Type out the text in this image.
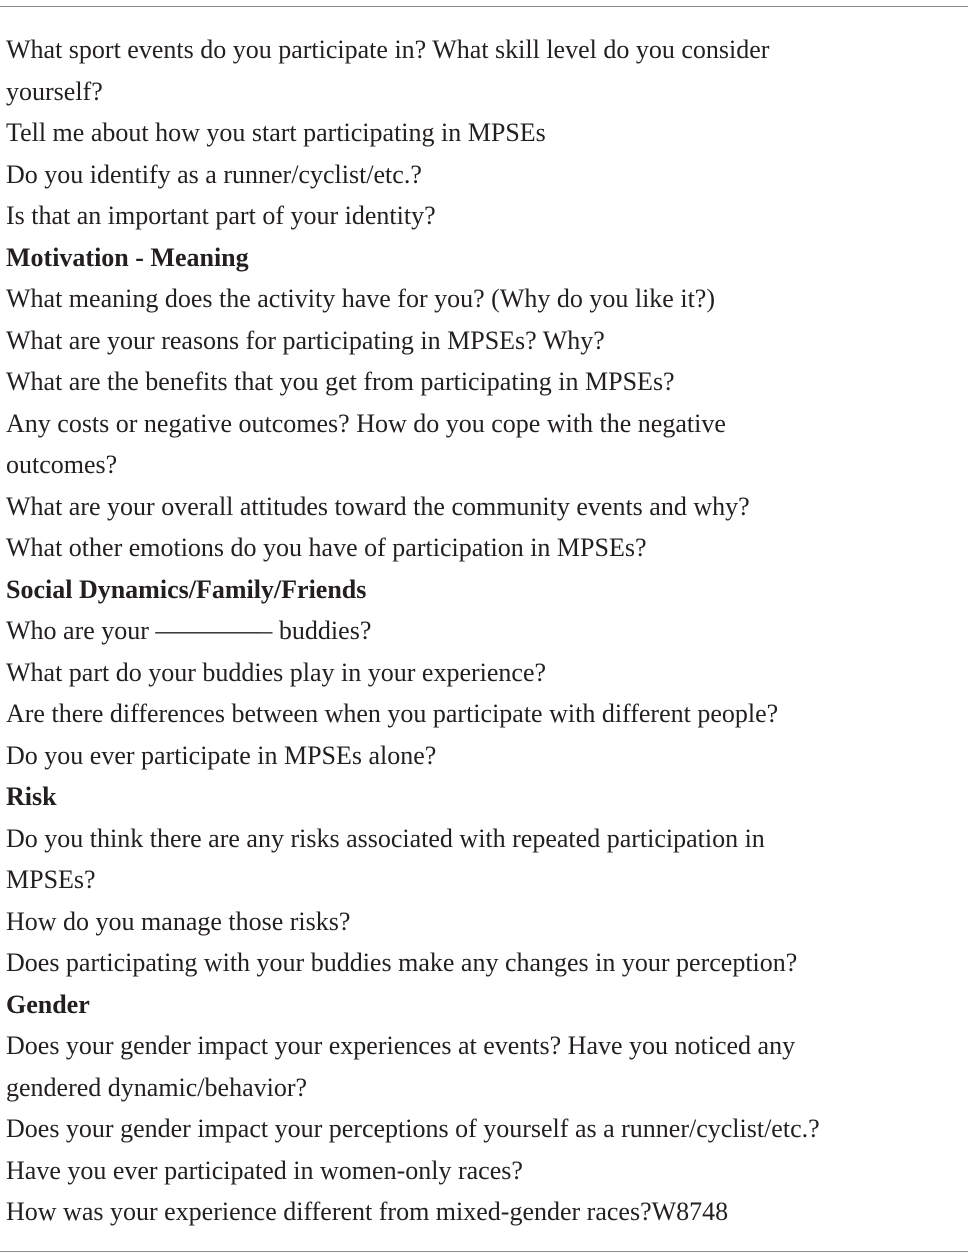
What sport events do you participate in? What skill level do you consider

yourself?

Tell me about how you start participating in MPSEs

Do you identify as a runner/cyclist/etc.?

Is that an important part of your identity?

Motivation - Meaning

What meaning does the activity have for you? (Why do you like it?)

What are your reasons for participating in MPSEs? Why?

What are the benefits that you get from participating in MPSEs?

Any costs or negative outcomes? How do you cope with the negative

outcomes?

What are your overall attitudes toward the community events and why?

What other emotions do you have of participation in MPSEs?

Social Dynamics/Family/Friends

Who are your ————– buddies?

What part do your buddies play in your experience?

Are there differences between when you participate with different people?

Do you ever participate in MPSEs alone?

Risk

Do you think there are any risks associated with repeated participation in

MPSEs?

How do you manage those risks?

Does participating with your buddies make any changes in your perception?

Gender

Does your gender impact your experiences at events? Have you noticed any

gendered dynamic/behavior?

Does your gender impact your perceptions of yourself as a runner/cyclist/etc.?

Have you ever participated in women-only races?

How was your experience different from mixed-gender races?W8748
